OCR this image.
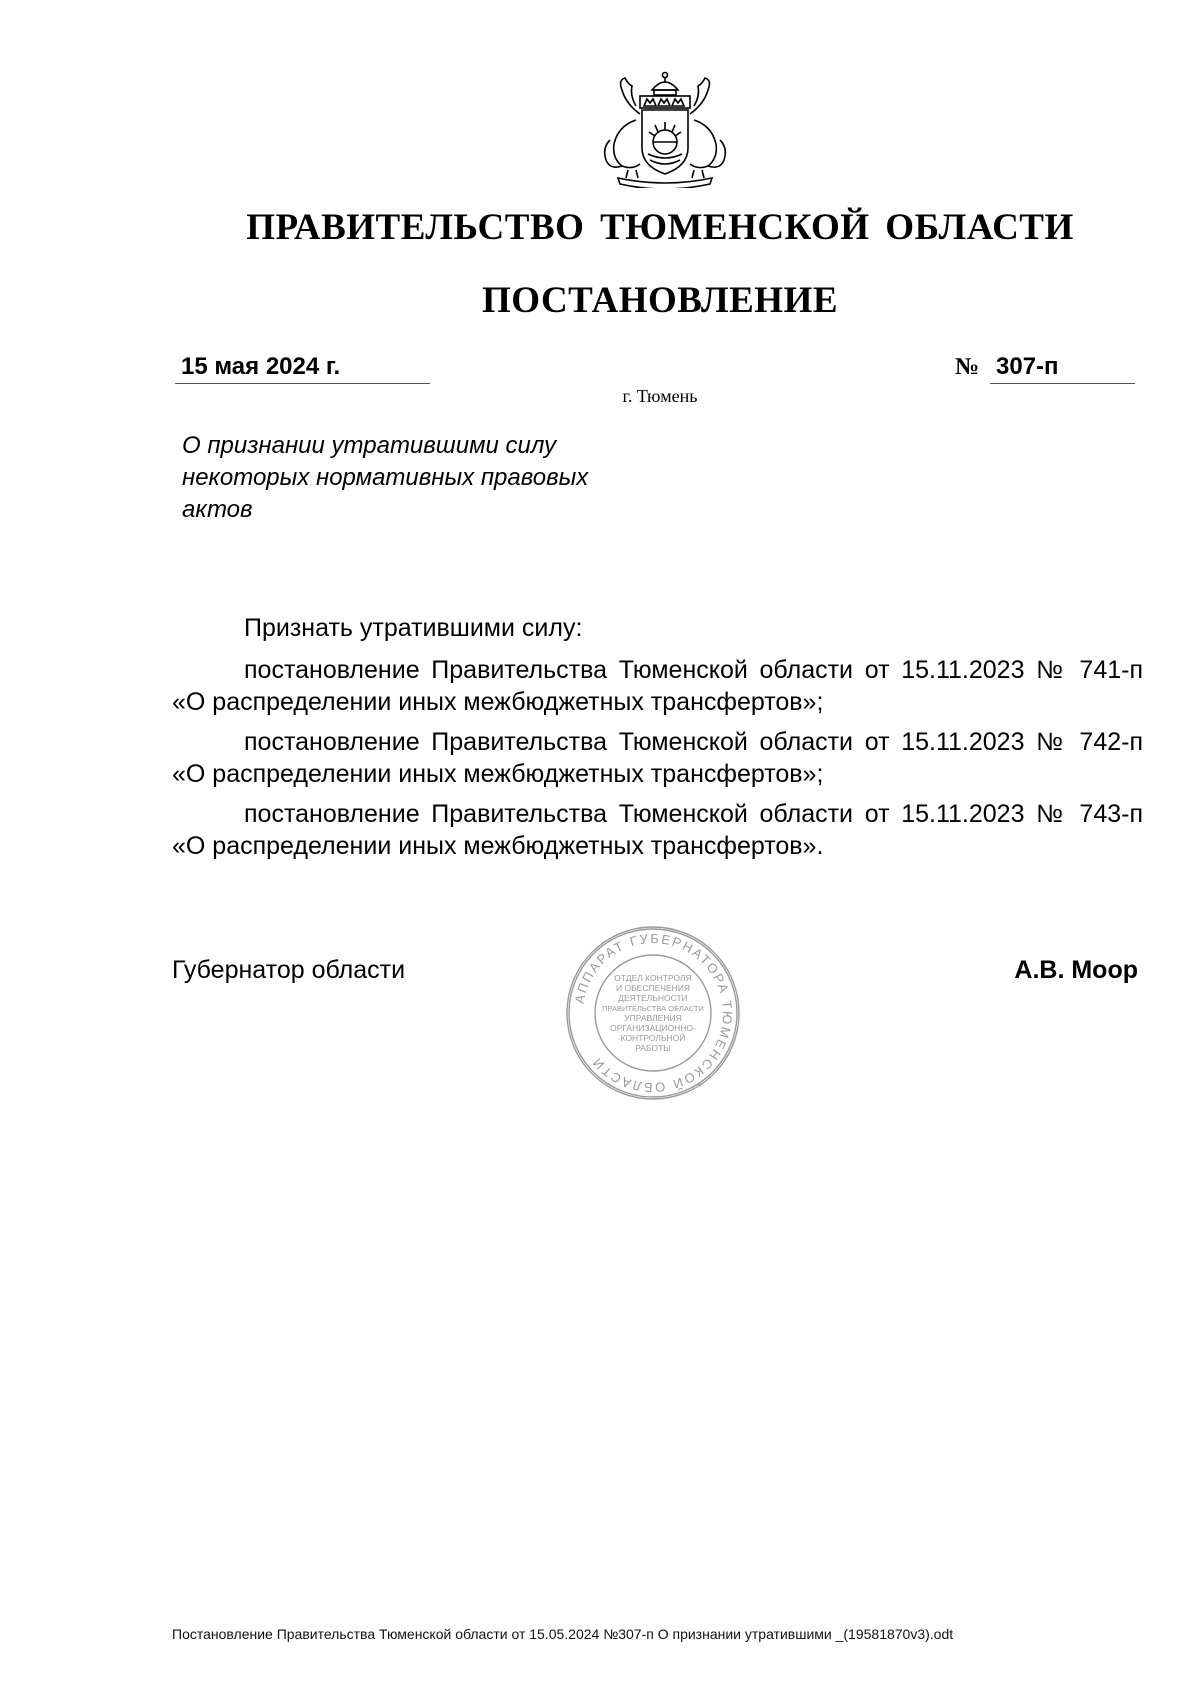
ПРАВИТЕЛЬСТВО ТЮМЕНСКОЙ ОБЛАСТИ
ПОСТАНОВЛЕНИЕ
15 мая 2024 г.	№ 307-п
г. Тюмень
О признании утратившими силу
некоторых нормативных правовых
актов

Признать утратившими силу:

постановление Правительства Тюменской области от 15.11.2023 № 741-п «О распределении иных межбюджетных трансфертов»;

постановление Правительства Тюменской области от 15.11.2023 № 742-п «О распределении иных межбюджетных трансфертов»;

постановление Правительства Тюменской области от 15.11.2023 № 743-п «О распределении иных межбюджетных трансфертов».

Губернатор области	А.В. Моор
АППАРАТ ГУБЕРНАТОРА ТЮМЕНСКОЙ ОБЛАСТИ
*
ОТДЕЛ КОНТРОЛЯ
И ОБЕСПЕЧЕНИЯ
ДЕЯТЕЛЬНОСТИ
ПРАВИТЕЛЬСТВА ОБЛАСТИ
УПРАВЛЕНИЯ
ОРГАНИЗАЦИОННО-
КОНТРОЛЬНОЙ
РАБОТЫ
Постановление Правительства Тюменской области от 15.05.2024 №307-п О признании утратившими _(19581870v3).odt
